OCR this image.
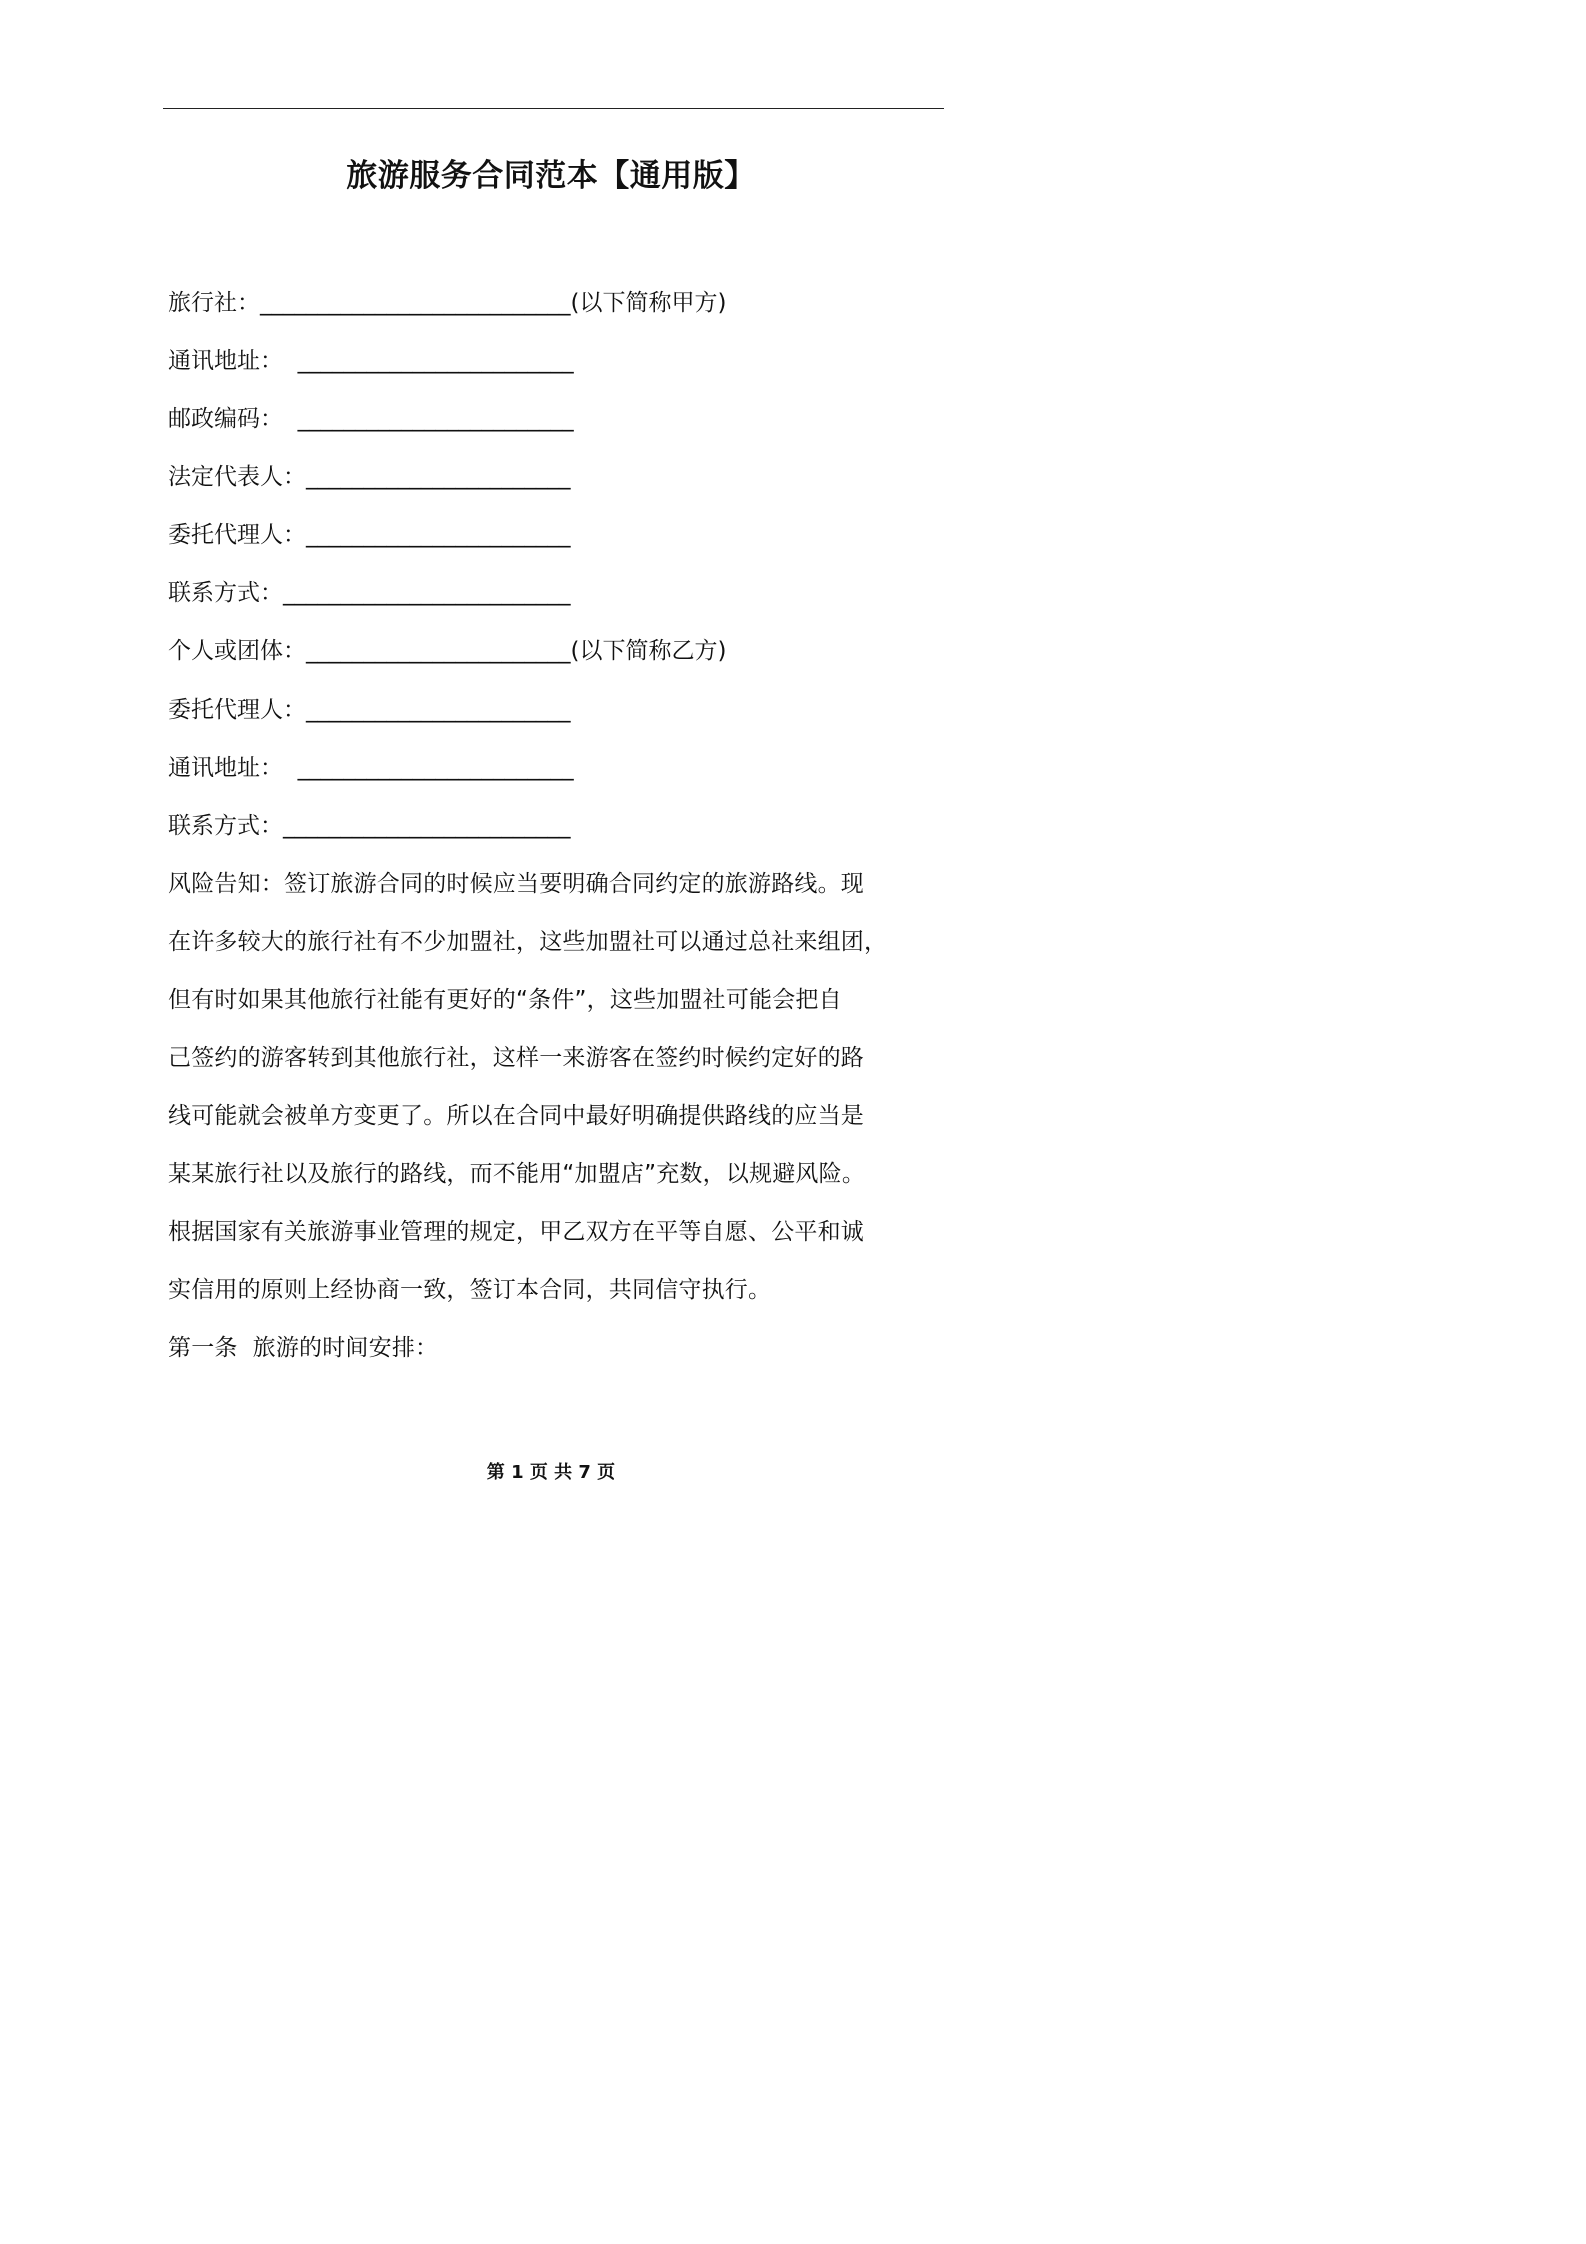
旅游服务合同范本【通用版】
旅行社：___________________________(以下简称甲方)
通讯地址：  ________________________
邮政编码：  ________________________
法定代表人：_______________________
委托代理人：_______________________
联系方式：_________________________
个人或团体：_______________________(以下简称乙方)
委托代理人：_______________________
通讯地址：  ________________________
联系方式：_________________________
风险告知：签订旅游合同的时候应当要明确合同约定的旅游路线。现
在许多较大的旅行社有不少加盟社，这些加盟社可以通过总社来组团，
但有时如果其他旅行社能有更好的“条件”，这些加盟社可能会把自
己签约的游客转到其他旅行社，这样一来游客在签约时候约定好的路
线可能就会被单方变更了。所以在合同中最好明确提供路线的应当是
某某旅行社以及旅行的路线，而不能用“加盟店”充数，以规避风险。
根据国家有关旅游事业管理的规定，甲乙双方在平等自愿、公平和诚
实信用的原则上经协商一致，签订本合同，共同信守执行。
第一条  旅游的时间安排：
第 1 页 共 7 页
